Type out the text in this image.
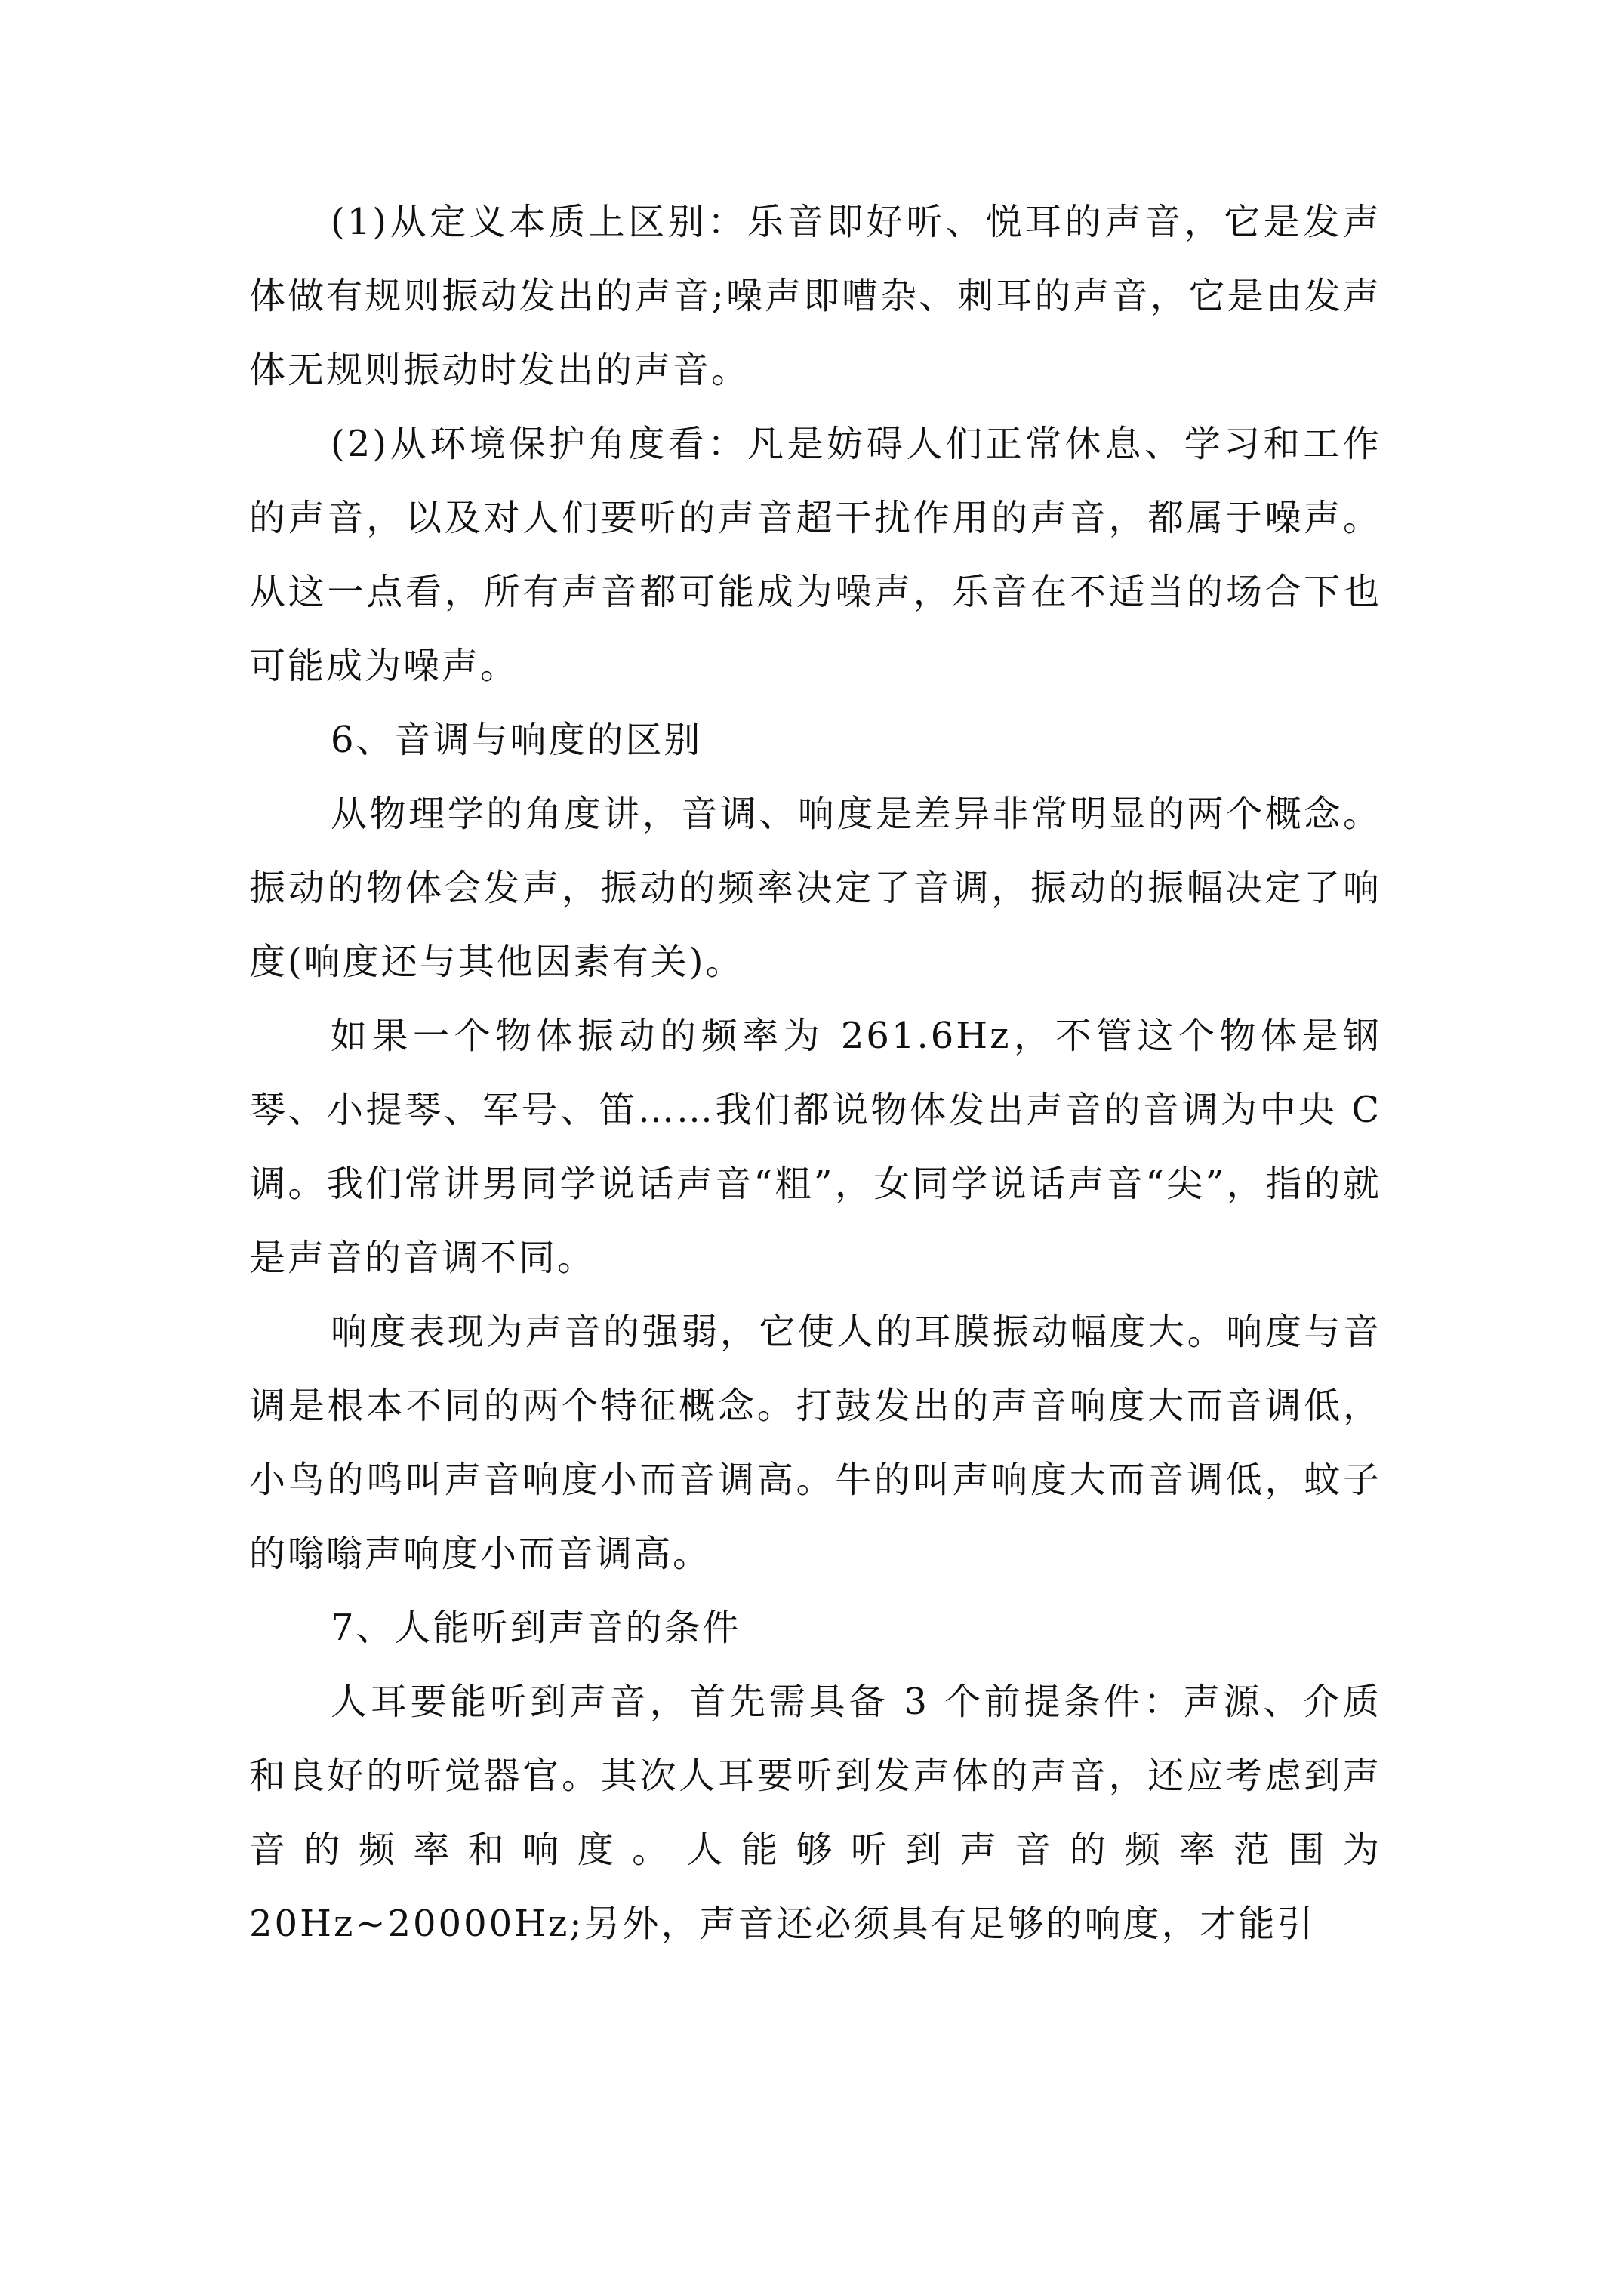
(1)从定义本质上区别：乐音即好听、悦耳的声音，它是发声体做有规则振动发出的声音;噪声即嘈杂、刺耳的声音，它是由发声体无规则振动时发出的声音。

(2)从环境保护角度看：凡是妨碍人们正常休息、学习和工作的声音，以及对人们要听的声音超干扰作用的声音，都属于噪声。从这一点看，所有声音都可能成为噪声，乐音在不适当的场合下也可能成为噪声。

6、音调与响度的区别

从物理学的角度讲，音调、响度是差异非常明显的两个概念。振动的物体会发声，振动的频率决定了音调，振动的振幅决定了响度(响度还与其他因素有关)。

如果一个物体振动的频率为 261.6Hz，不管这个物体是钢琴、小提琴、军号、笛……我们都说物体发出声音的音调为中央 C 调。我们常讲男同学说话声音“粗”，女同学说话声音“尖”，指的就是声音的音调不同。

响度表现为声音的强弱，它使人的耳膜振动幅度大。响度与音调是根本不同的两个特征概念。打鼓发出的声音响度大而音调低，小鸟的鸣叫声音响度小而音调高。牛的叫声响度大而音调低，蚊子的嗡嗡声响度小而音调高。

7、人能听到声音的条件

人耳要能听到声音，首先需具备 3 个前提条件：声源、介质和良好的听觉器官。其次人耳要听到发声体的声音，还应考虑到声音的频率和响度。人能够听到声音的频率范围为 20Hz~20000Hz;另外，声音还必须具有足够的响度，才能引
